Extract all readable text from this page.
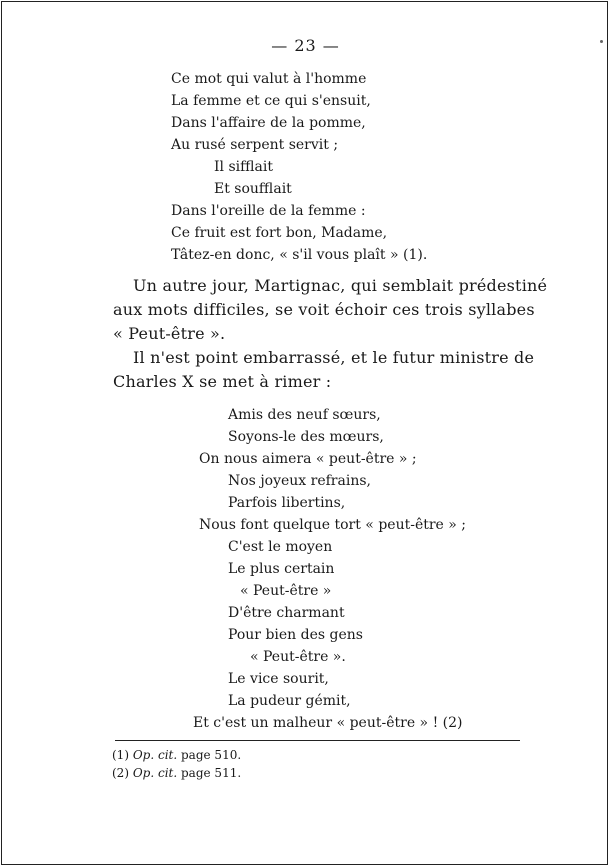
— 23 —
Ce mot qui valut à l'homme
La femme et ce qui s'ensuit,
Dans l'affaire de la pomme,
Au rusé serpent servit ;
Il sifflait
Et soufflait
Dans l'oreille de la femme :
Ce fruit est fort bon, Madame,
Tâtez-en donc, « s'il vous plaît » (1).
Un autre jour, Martignac, qui semblait prédestiné
aux mots difficiles, se voit échoir ces trois syllabes
« Peut-être ».
Il n'est point embarrassé, et le futur ministre de
Charles X se met à rimer :
Amis des neuf sœurs,
Soyons-le des mœurs,
On nous aimera « peut-être » ;
Nos joyeux refrains,
Parfois libertins,
Nous font quelque tort « peut-être » ;
C'est le moyen
Le plus certain
« Peut-être »
D'être charmant
Pour bien des gens
« Peut-être ».
Le vice sourit,
La pudeur gémit,
Et c'est un malheur « peut-être » ! (2)
(1) Op. cit. page 510.
(2) Op. cit. page 511.
